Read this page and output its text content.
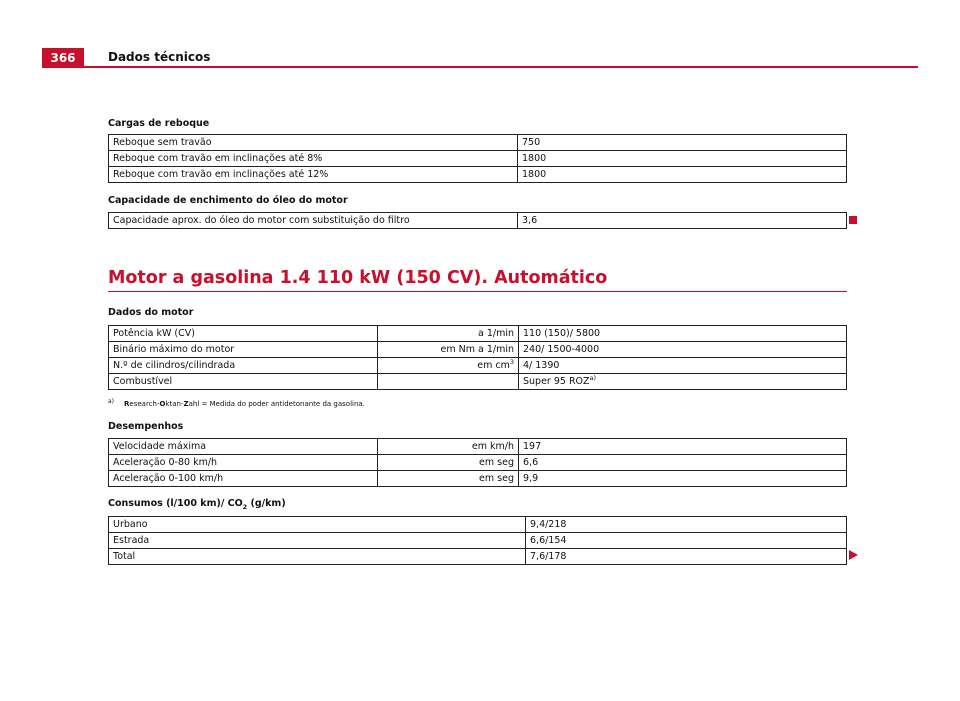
366	Dados técnicos
Cargas de reboque
Reboque sem travão	750
Reboque com travão em inclinações até 8%	1800
Reboque com travão em inclinações até 12%	1800
Capacidade de enchimento do óleo do motor
Capacidade aprox. do óleo do motor com substituição do filtro	3,6
Motor a gasolina 1.4 110 kW (150 CV). Automático
Dados do motor
Potência kW (CV)	a 1/min	110 (150)/ 5800
Binário máximo do motor	em Nm a 1/min	240/ 1500-4000
N.º de cilindros/cilindrada	em $cm^3$	4/ 1390
Combustível		Super 95 ROZ$^{a)}$
a) Research-Oktan-Zahl = Medida do poder antidetonante da gasolina.
Desempenhos
Velocidade máxima	em km/h	197
Aceleração 0-80 km/h	em seg	6,6
Aceleração 0-100 km/h	em seg	9,9
Consumos (l/100 km)/ $CO_2$ (g/km)
Urbano	9,4/218
Estrada	6,6/154
Total	7,6/178
